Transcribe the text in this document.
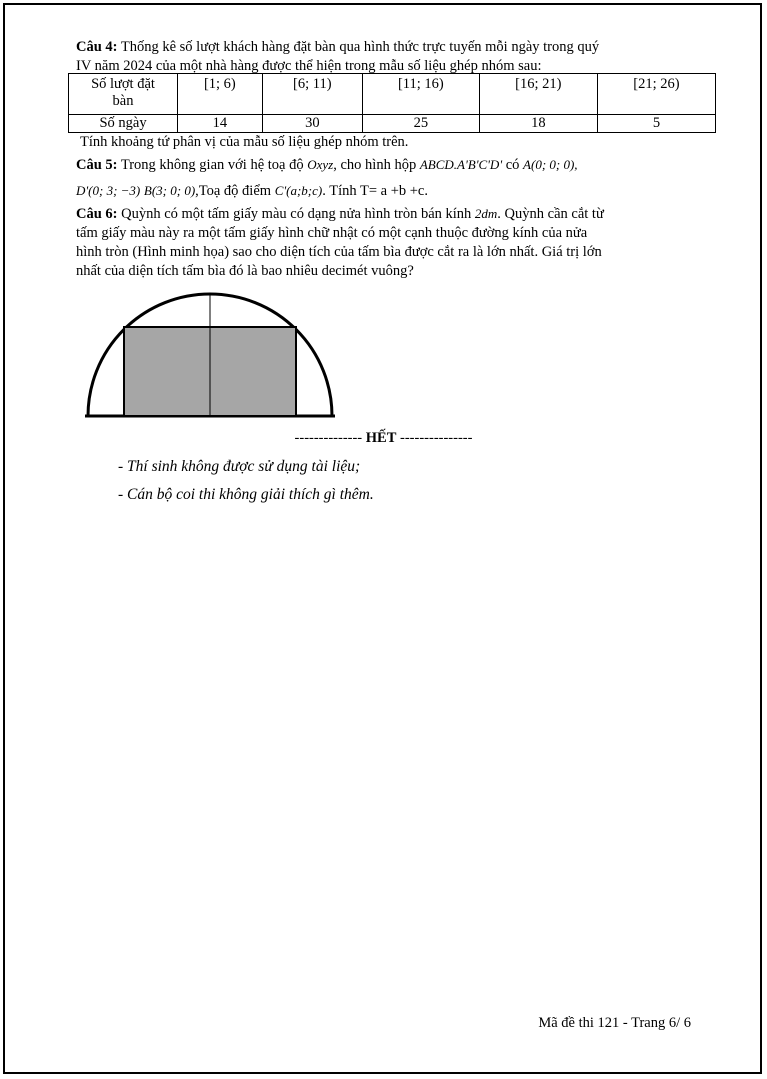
Câu 4: Thống kê số lượt khách hàng đặt bàn qua hình thức trực tuyến mỗi ngày trong quý
IV năm 2024 của một nhà hàng được thể hiện trong mẫu số liệu ghép nhóm sau:
Số lượt đặt
bàn	[1; 6)	[6; 11)	[11; 16)	[16; 21)	[21; 26)
Số ngày	14	30	25	18	5
Tính khoảng tứ phân vị của mẫu số liệu ghép nhóm trên.
Câu 5: Trong không gian với hệ toạ độ Oxyz, cho hình hộp ABCD.A'B'C'D' có A(0; 0; 0),
D'(0; 3; −3) B(3; 0; 0),Toạ độ điểm C'(a;b;c). Tính T= a +b +c.
Câu 6: Quỳnh có một tấm giấy màu có dạng nửa hình tròn bán kính 2dm. Quỳnh cần cắt từ
tấm giấy màu này ra một tấm giấy hình chữ nhật có một cạnh thuộc đường kính của nửa
hình tròn (Hình minh họa) sao cho diện tích của tấm bìa được cắt ra là lớn nhất. Giá trị lớn
nhất của diện tích tấm bìa đó là bao nhiêu decimét vuông?
-------------- HẾT ---------------
- Thí sinh không được sử dụng tài liệu;
- Cán bộ coi thi không giải thích gì thêm.
Mã đề thi 121 - Trang 6/ 6
